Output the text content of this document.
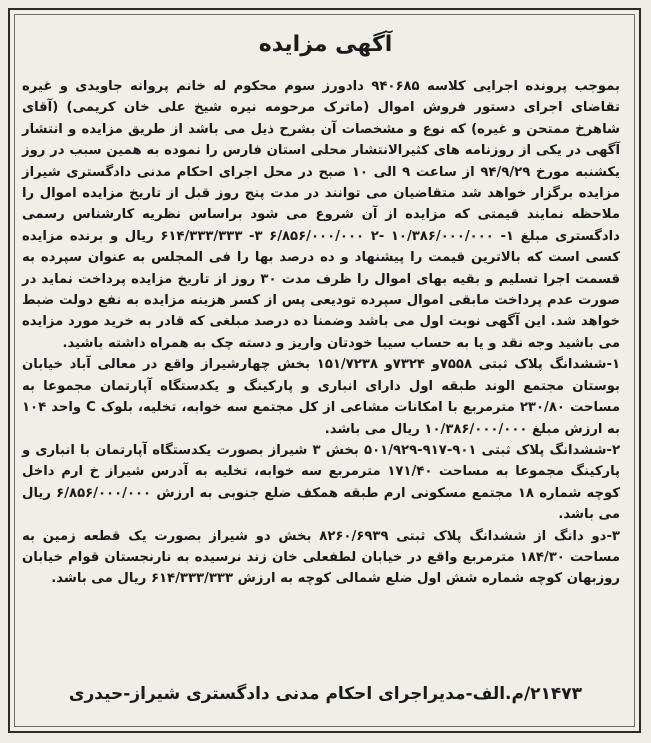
آگهی مزایده

بموجب پرونده اجرایی کلاسه ۹۴۰۶۸۵ دادورز سوم محکوم له خانم پروانه جاویدی و غیره تقاضای اجرای دستور فروش اموال (ماترک مرحومه نیره شیخ علی خان کریمی) (آقای شاهرخ ممتحن و غیره) که نوع و مشخصات آن بشرح ذیل می باشد از طریق مزایده و انتشار آگهی در یکی از روزنامه های کثیرالانتشار محلی استان فارس را نموده به همین سبب در روز یکشنبه مورخ ۹۴/۹/۲۹ از ساعت ۹ الی ۱۰ صبح در محل اجرای احکام مدنی دادگستری شیراز مزایده برگزار خواهد شد متقاضیان می توانند در مدت پنج روز قبل از تاریخ مزایده اموال را ملاحظه نمایند قیمتی که مزایده از آن شروع می شود براساس نظریه کارشناس رسمی دادگستری مبلغ ۱- ۱۰/۳۸۶/۰۰۰/۰۰۰ -۲ ۶/۸۵۶/۰۰۰/۰۰۰ ۳- ۶۱۴/۳۳۳/۳۳۳ ریال و برنده مزایده کسی است که بالاترین قیمت را پیشنهاد و ده درصد بها را فی المجلس به عنوان سپرده به قسمت اجرا تسلیم و بقیه بهای اموال را ظرف مدت ۳۰ روز از تاریخ مزایده پرداخت نماید در صورت عدم پرداخت مابقی اموال سپرده تودیعی پس از کسر هزینه مزایده به نفع دولت ضبط خواهد شد. این آگهی نوبت اول می باشد وضمنا ده درصد مبلغی که قادر به خرید مورد مزایده می باشید وجه نقد و یا به حساب سیبا خودتان واریز و دسته چک به همراه داشته باشید.

۱-ششدانگ پلاک ثبتی ۷۵۵۸و ۷۳۲۴و ۱۵۱/۷۲۳۸ بخش چهارشیراز واقع در معالی آباد خیابان بوستان مجتمع الوند طبقه اول دارای انباری و پارکینگ و یکدستگاه آپارتمان مجموعا به مساحت ۲۳۰/۸۰ مترمربع با امکانات مشاعی از کل مجتمع سه خوابه، تخلیه، بلوک C واحد ۱۰۴ به ارزش مبلغ ۱۰/۳۸۶/۰۰۰/۰۰۰ ریال می باشد.

۲-ششدانگ پلاک ثبتی ۹۰۱-۹۱۷-۵۰۱/۹۲۹ بخش ۳ شیراز بصورت یکدستگاه آپارتمان با انباری و پارکینگ مجموعا به مساحت ۱۷۱/۴۰ مترمربع سه خوابه، تخلیه به آدرس شیراز خ ارم داخل کوچه شماره ۱۸ مجتمع مسکونی ارم طبقه همکف ضلع جنوبی به ارزش ۶/۸۵۶/۰۰۰/۰۰۰ ریال می باشد.

۳-دو دانگ از ششدانگ پلاک ثبتی ۸۲۶۰/۶۹۳۹ بخش دو شیراز بصورت یک قطعه زمین به مساحت ۱۸۴/۳۰ مترمربع واقع در خیابان لطفعلی خان زند نرسیده به نارنجستان قوام خیابان روزبهان کوچه شماره شش اول ضلع شمالی کوچه به ارزش ۶۱۴/۳۳۳/۳۳۳ ریال می باشد.

۲۱۴۷۳/م.الف-مدیراجرای احکام مدنی دادگستری شیراز-حیدری
